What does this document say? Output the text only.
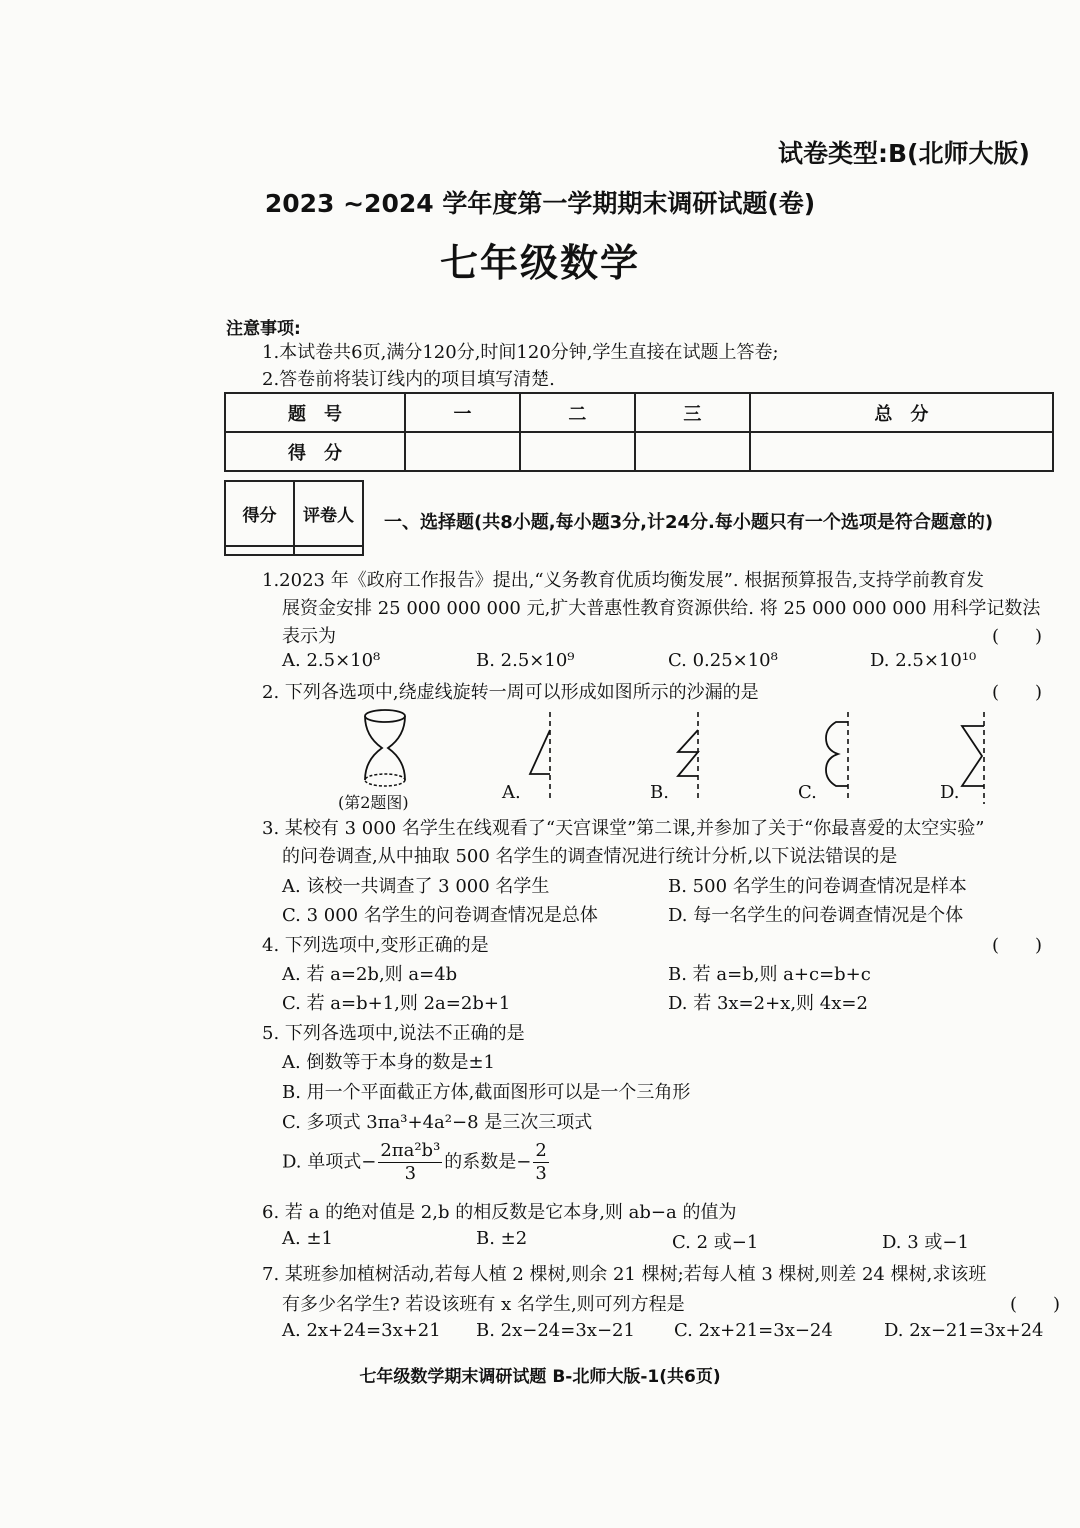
试卷类型:B(北师大版)
2023 ~2024 学年度第一学期期末调研试题(卷)
七年级数学
注意事项:
1.本试卷共6页,满分120分,时间120分钟,学生直接在试题上答卷;
2.答卷前将装订线内的项目填写清楚.
题　号	一	二	三	总　分
得　分				
得分	评卷人
	一、选择题(共8小题,每小题3分,计24分.每小题只有一个选项是符合题意的)
1.2023 年《政府工作报告》提出,“义务教育优质均衡发展”. 根据预算报告,支持学前教育发
展资金安排 25 000 000 000 元,扩大普惠性教育资源供给. 将 25 000 000 000 用科学记数法
表示为	(　　)
A. 2.5×10⁸	B. 2.5×10⁹	C. 0.25×10⁸	D. 2.5×10¹⁰
2. 下列各选项中,绕虚线旋转一周可以形成如图所示的沙漏的是	(　　)
(第2题图)	A.	B.	C.	D.
3. 某校有 3 000 名学生在线观看了“天宫课堂”第二课,并参加了关于“你最喜爱的太空实验”
的问卷调查,从中抽取 500 名学生的调查情况进行统计分析,以下说法错误的是
A. 该校一共调查了 3 000 名学生	B. 500 名学生的问卷调查情况是样本
C. 3 000 名学生的问卷调查情况是总体	D. 每一名学生的问卷调查情况是个体
4. 下列选项中,变形正确的是	(　　)
A. 若 a=2b,则 a=4b	B. 若 a=b,则 a+c=b+c
C. 若 a=b+1,则 2a=2b+1	D. 若 3x=2+x,则 4x=2
5. 下列各选项中,说法不正确的是
A. 倒数等于本身的数是±1
B. 用一个平面截正方体,截面图形可以是一个三角形
C. 多项式 3πa³+4a²−8 是三次三项式
D. 单项式− $\frac{\text{2πa²b³}}{3}$ 的系数是− $\frac{2}{3}$
6. 若 a 的绝对值是 2,b 的相反数是它本身,则 ab−a 的值为
A. ±1	B. ±2	C. 2 或−1	D. 3 或−1
7. 某班参加植树活动,若每人植 2 棵树,则余 21 棵树;若每人植 3 棵树,则差 24 棵树,求该班
有多少名学生? 若设该班有 x 名学生,则可列方程是	(　　)
A. 2x+24=3x+21 B. 2x−24=3x−21 C. 2x+21=3x−24	D. 2x−21=3x+24
七年级数学期末调研试题 B-北师大版-1(共6页)
